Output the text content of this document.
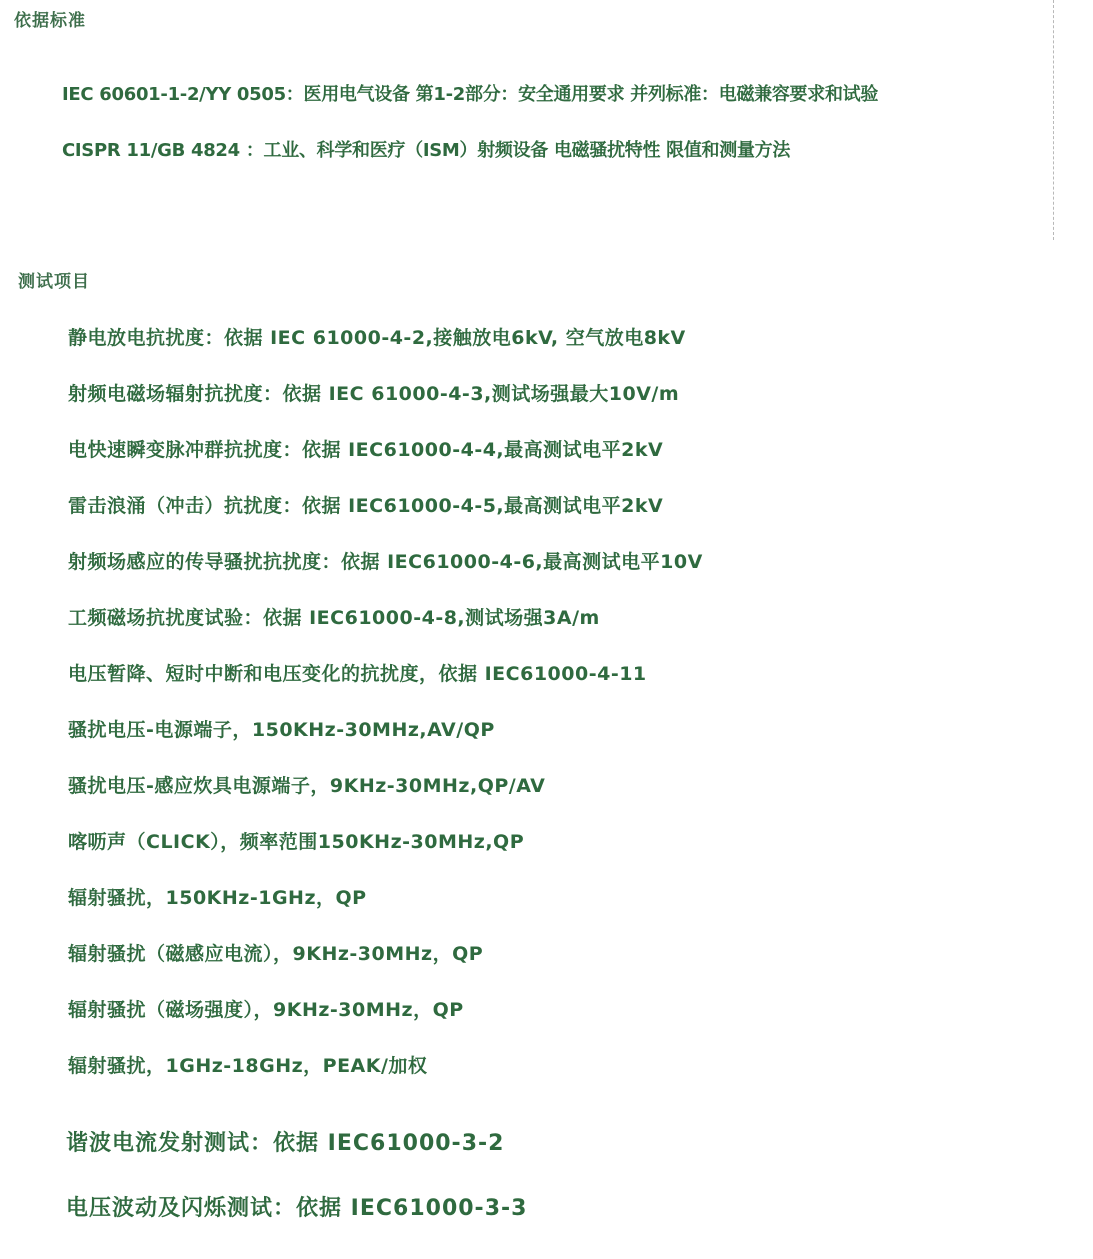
依据标准
IEC 60601-1-2/YY 0505：医用电气设备 第1-2部分：安全通用要求 并列标准：电磁兼容要求和试验
CISPR 11/GB 4824 ：工业、科学和医疗（ISM）射频设备 电磁骚扰特性 限值和测量方法
测试项目
静电放电抗扰度：依据 IEC 61000-4-2,接触放电6kV, 空气放电8kV
射频电磁场辐射抗扰度：依据 IEC 61000-4-3,测试场强最大10V/m
电快速瞬变脉冲群抗扰度：依据 IEC61000-4-4,最高测试电平2kV
雷击浪涌（冲击）抗扰度：依据 IEC61000-4-5,最高测试电平2kV
射频场感应的传导骚扰抗扰度：依据 IEC61000-4-6,最高测试电平10V
工频磁场抗扰度试验：依据 IEC61000-4-8,测试场强3A/m
电压暂降、短时中断和电压变化的抗扰度，依据 IEC61000-4-11
骚扰电压-电源端子，150KHz-30MHz,AV/QP
骚扰电压-感应炊具电源端子，9KHz-30MHz,QP/AV
喀呖声（CLICK），频率范围150KHz-30MHz,QP
辐射骚扰，150KHz-1GHz，QP
辐射骚扰（磁感应电流），9KHz-30MHz，QP
辐射骚扰（磁场强度），9KHz-30MHz，QP
辐射骚扰，1GHz-18GHz，PEAK/加权
谐波电流发射测试：依据 IEC61000-3-2
电压波动及闪烁测试：依据 IEC61000-3-3
